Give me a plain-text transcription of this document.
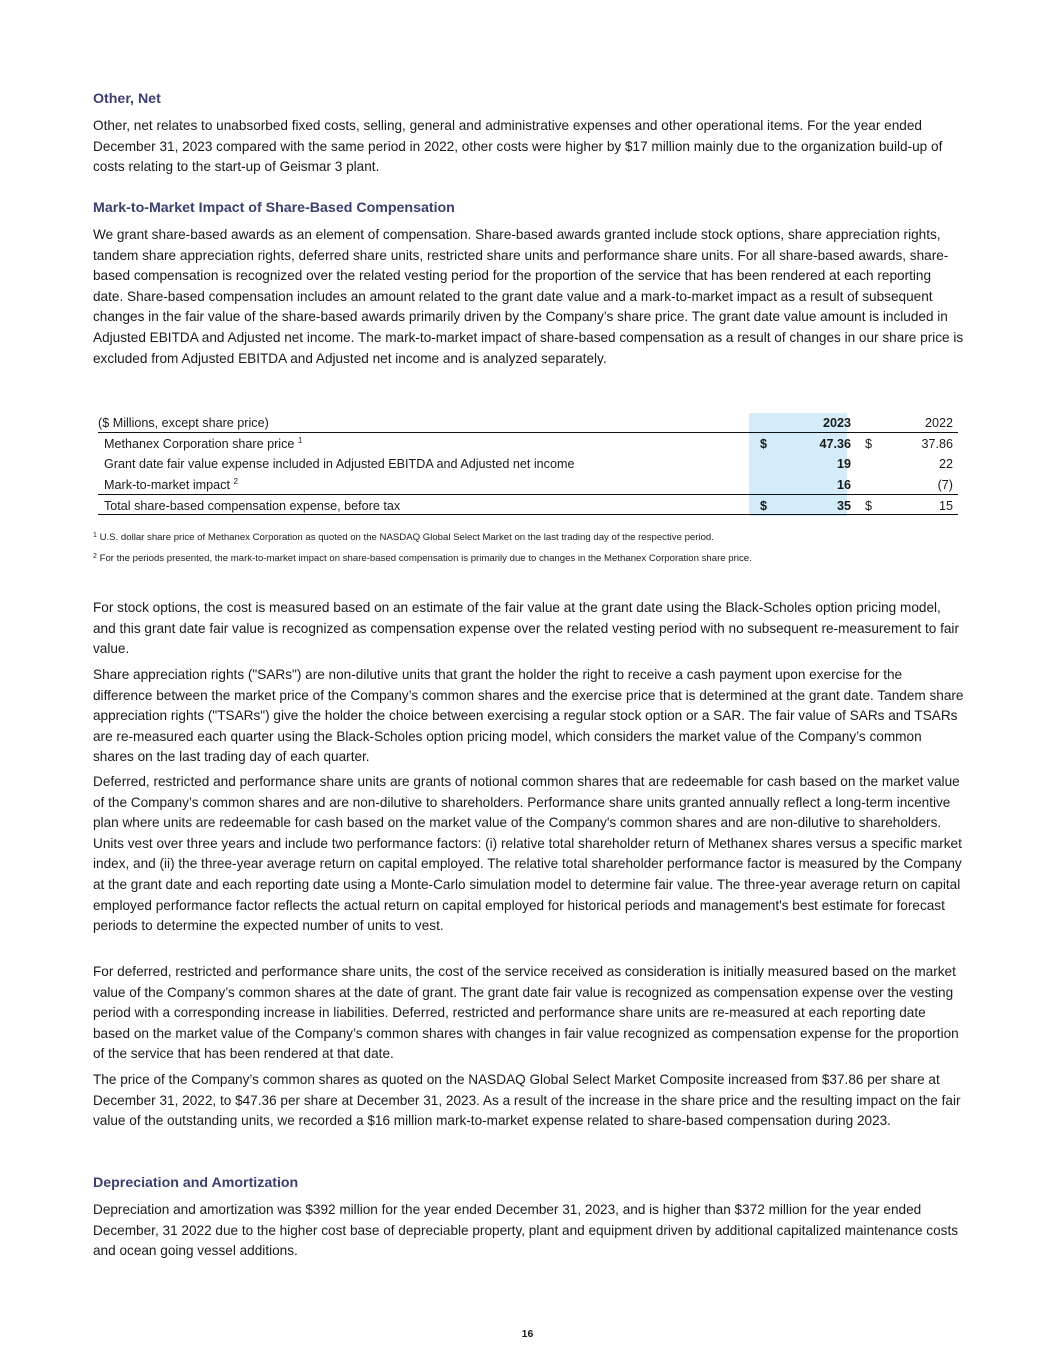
Other, Net

Other, net relates to unabsorbed fixed costs, selling, general and administrative expenses and other operational items. For the year ended December 31, 2023 compared with the same period in 2022, other costs were higher by $17 million mainly due to the organization build-up of costs relating to the start-up of Geismar 3 plant.

Mark-to-Market Impact of Share-Based Compensation

We grant share-based awards as an element of compensation. Share-based awards granted include stock options, share appreciation rights, tandem share appreciation rights, deferred share units, restricted share units and performance share units. For all share-based awards, share-based compensation is recognized over the related vesting period for the proportion of the service that has been rendered at each reporting date. Share-based compensation includes an amount related to the grant date value and a mark-to-market impact as a result of subsequent changes in the fair value of the share-based awards primarily driven by the Company’s share price. The grant date value amount is included in Adjusted EBITDA and Adjusted net income. The mark-to-market impact of share-based compensation as a result of changes in our share price is excluded from Adjusted EBITDA and Adjusted net income and is analyzed separately.

($ Millions, except share price)	2023	2022
Methanex Corporation share price $^1$	$	47.36 $	37.86
Grant date fair value expense included in Adjusted EBITDA and Adjusted net income	19	22
Mark-to-market impact $^2$	16	(7)
Total share-based compensation expense, before tax	$	35 $	15
$^1$ U.S. dollar share price of Methanex Corporation as quoted on the NASDAQ Global Select Market on the last trading day of the respective period.
$^2$ For the periods presented, the mark-to-market impact on share-based compensation is primarily due to changes in the Methanex Corporation share price.

For stock options, the cost is measured based on an estimate of the fair value at the grant date using the Black-Scholes option pricing model, and this grant date fair value is recognized as compensation expense over the related vesting period with no subsequent re-measurement to fair value.

Share appreciation rights ("SARs") are non-dilutive units that grant the holder the right to receive a cash payment upon exercise for the difference between the market price of the Company’s common shares and the exercise price that is determined at the grant date. Tandem share appreciation rights ("TSARs") give the holder the choice between exercising a regular stock option or a SAR. The fair value of SARs and TSARs are re-measured each quarter using the Black-Scholes option pricing model, which considers the market value of the Company’s common shares on the last trading day of each quarter.

Deferred, restricted and performance share units are grants of notional common shares that are redeemable for cash based on the market value of the Company’s common shares and are non-dilutive to shareholders. Performance share units granted annually reflect a long-term incentive plan where units are redeemable for cash based on the market value of the Company's common shares and are non-dilutive to shareholders. Units vest over three years and include two performance factors: (i) relative total shareholder return of Methanex shares versus a specific market index, and (ii) the three-year average return on capital employed. The relative total shareholder performance factor is measured by the Company at the grant date and each reporting date using a Monte-Carlo simulation model to determine fair value. The three-year average return on capital employed performance factor reflects the actual return on capital employed for historical periods and management's best estimate for forecast periods to determine the expected number of units to vest.

For deferred, restricted and performance share units, the cost of the service received as consideration is initially measured based on the market value of the Company’s common shares at the date of grant. The grant date fair value is recognized as compensation expense over the vesting period with a corresponding increase in liabilities. Deferred, restricted and performance share units are re-measured at each reporting date based on the market value of the Company’s common shares with changes in fair value recognized as compensation expense for the proportion of the service that has been rendered at that date.

The price of the Company’s common shares as quoted on the NASDAQ Global Select Market Composite increased from $37.86 per share at December 31, 2022, to $47.36 per share at December 31, 2023. As a result of the increase in the share price and the resulting impact on the fair value of the outstanding units, we recorded a $16 million mark-to-market expense related to share-based compensation during 2023.

Depreciation and Amortization

Depreciation and amortization was $392 million for the year ended December 31, 2023, and is higher than $372 million for the year ended December, 31 2022 due to the higher cost base of depreciable property, plant and equipment driven by additional capitalized maintenance costs and ocean going vessel additions.

16
